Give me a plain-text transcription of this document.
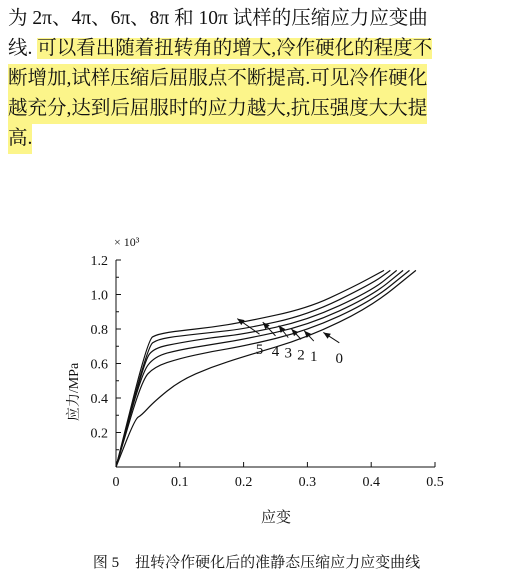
为 2π、4π、6π、8π 和 10π 试样的压缩应力应变曲
线. 可以看出随着扭转角的增大,冷作硬化的程度不
断增加,试样压缩后屈服点不断提高.可见冷作硬化
越充分,达到后屈服时的应力越大,抗压强度大大提
高.
0	0.1	0.2	0.3	0.4	0.5
0.2
0.4
0.6
0.8
1.0
1.2
5 4 3 2 1 0
× 10³
应力/MPa
应变
图 5 扭转冷作硬化后的准静态压缩应力应变曲线
